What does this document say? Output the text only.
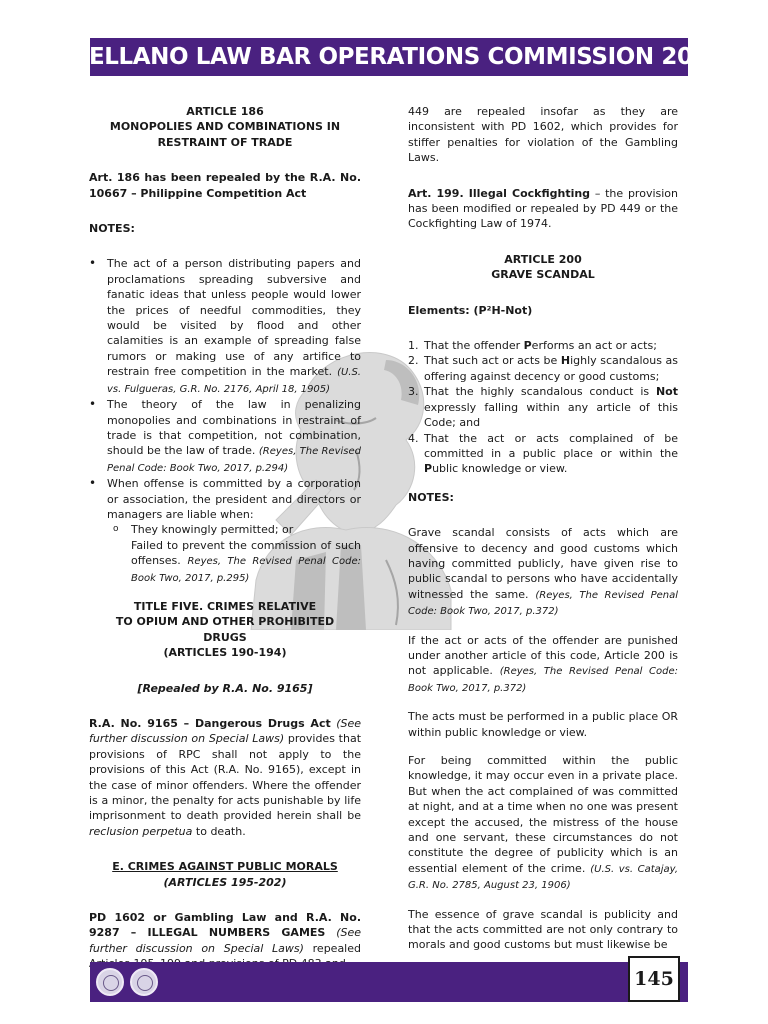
ARELLANO LAW BAR OPERATIONS COMMISSION 2022

ARTICLE 186

MONOPOLIES AND COMBINATIONS IN

RESTRAINT OF TRADE

Art. 186 has been repealed by the R.A. No. 10667 – Philippine Competition Act

NOTES:

• The act of a person distributing papers and proclamations spreading subversive and fanatic ideas that unless people would lower the prices of needful commodities, they would be visited by flood and other calamities is an example of spreading false rumors or making use of any artifice to restrain free competition in the market. (U.S. vs. Fulgueras, G.R. No. 2176, April 18, 1905)
• The theory of the law in penalizing monopolies and combinations in restraint of trade is that competition, not combination, should be the law of trade. (Reyes, The Revised Penal Code: Book Two, 2017, p.294)
• When offense is committed by a corporation or association, the president and directors or managers are liable when:
o They knowingly permitted; or
Failed to prevent the commission of such offenses. Reyes, The Revised Penal Code: Book Two, 2017, p.295)

TITLE FIVE. CRIMES RELATIVE

TO OPIUM AND OTHER PROHIBITED

DRUGS

(ARTICLES 190-194)

[Repealed by R.A. No. 9165]

R.A. No. 9165 – Dangerous Drugs Act (See further discussion on Special Laws) provides that provisions of RPC shall not apply to the provisions of this Act (R.A. No. 9165), except in the case of minor offenders. Where the offender is a minor, the penalty for acts punishable by life imprisonment to death provided herein shall be reclusion perpetua to death.

E. CRIMES AGAINST PUBLIC MORALS

(ARTICLES 195-202)

PD 1602 or Gambling Law and R.A. No. 9287 – ILLEGAL NUMBERS GAMES (See further discussion on Special Laws) repealed

449 are repealed insofar as they are inconsistent with PD 1602, which provides for stiffer penalties for violation of the Gambling Laws.

Art. 199. Illegal Cockfighting – the provision has been modified or repealed by PD 449 or the Cockfighting Law of 1974.

ARTICLE 200

GRAVE SCANDAL

Elements: (P²H-Not)

1. That the offender Performs an act or acts;
2. That such act or acts be Highly scandalous as offering against decency or good customs;
3. That the highly scandalous conduct is Not expressly falling within any article of this Code; and
4. That the act or acts complained of be committed in a public place or within the Public knowledge or view.

NOTES:

Grave scandal consists of acts which are offensive to decency and good customs which having committed publicly, have given rise to public scandal to persons who have accidentally witnessed the same. (Reyes, The Revised Penal Code: Book Two, 2017, p.372)

If the act or acts of the offender are punished under another article of this code, Article 200 is not applicable. (Reyes, The Revised Penal Code: Book Two, 2017, p.372)

The acts must be performed in a public place OR within public knowledge or view.

For being committed within the public knowledge, it may occur even in a private place. But when the act complained of was committed at night, and at a time when no one was present except the accused, the mistress of the house and one servant, these circumstances do not constitute the degree of publicity which is an essential element of the crime. (U.S. vs. Catajay, G.R. No. 2785, August 23, 1906)

The essence of grave scandal is publicity and that the acts committed are not only contrary to morals and good customs but must likewise be

145
